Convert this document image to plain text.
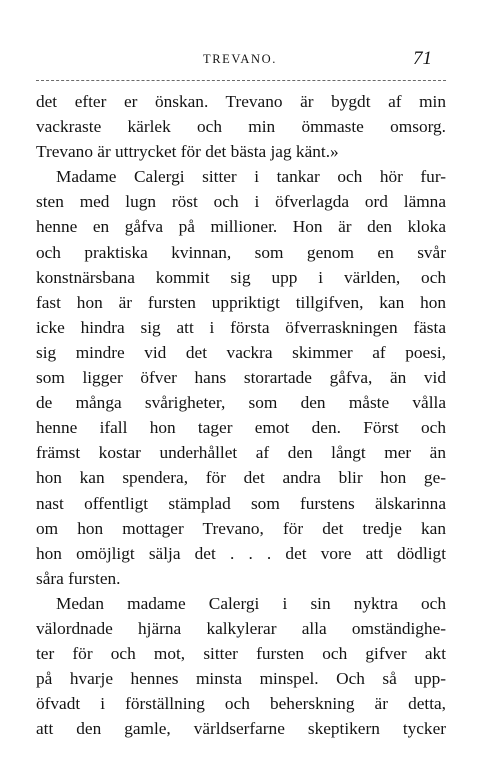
TREVANO.	71
det efter er önskan. Trevano är bygdt af min
vackraste kärlek och min ömmaste omsorg.
Trevano är uttrycket för det bästa jag känt.»
Madame Calergi sitter i tankar och hör fur-
sten med lugn röst och i öfverlagda ord lämna
henne en gåfva på millioner. Hon är den kloka
och praktiska kvinnan, som genom en svår
konstnärsbana kommit sig upp i världen, och
fast hon är fursten uppriktigt tillgifven, kan hon
icke hindra sig att i första öfverraskningen fästa
sig mindre vid det vackra skimmer af poesi,
som ligger öfver hans storartade gåfva, än vid
de många svårigheter, som den måste vålla
henne ifall hon tager emot den. Först och
främst kostar underhållet af den långt mer än
hon kan spendera, för det andra blir hon ge-
nast offentligt stämplad som furstens älskarinna
om hon mottager Trevano, för det tredje kan
hon omöjligt sälja det . . . det vore att dödligt
såra fursten.
Medan madame Calergi i sin nyktra och
välordnade hjärna kalkylerar alla omständighe-
ter för och mot, sitter fursten och gifver akt
på hvarje hennes minsta minspel. Och så upp-
öfvadt i förställning och beherskning är detta,
att den gamle, världserfarne skeptikern tycker
